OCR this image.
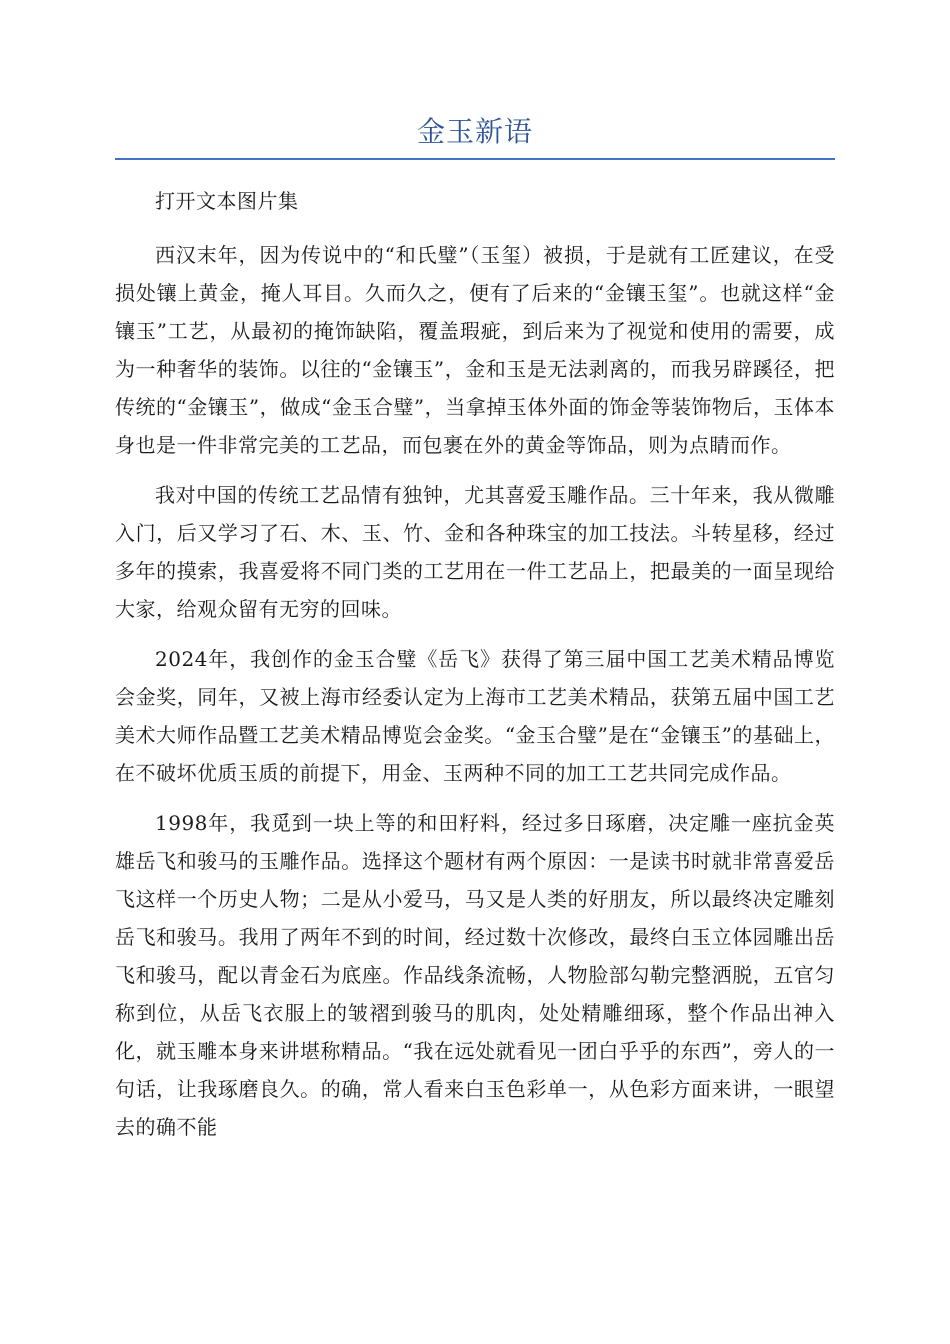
金玉新语

打开文本图片集

西汉末年，因为传说中的“和氏璧”（玉玺）被损，于是就有工匠建议，在受损处镶上黄金，掩人耳目。久而久之，便有了后来的“金镶玉玺”。也就这样“金镶玉”工艺，从最初的掩饰缺陷，覆盖瑕疵，到后来为了视觉和使用的需要，成为一种奢华的装饰。以往的“金镶玉”，金和玉是无法剥离的，而我另辟蹊径，把传统的“金镶玉”，做成“金玉合璧”，当拿掉玉体外面的饰金等装饰物后，玉体本身也是一件非常完美的工艺品，而包裹在外的黄金等饰品，则为点睛而作。

我对中国的传统工艺品情有独钟，尤其喜爱玉雕作品。三十年来，我从微雕入门，后又学习了石、木、玉、竹、金和各种珠宝的加工技法。斗转星移，经过多年的摸索，我喜爱将不同门类的工艺用在一件工艺品上，把最美的一面呈现给大家，给观众留有无穷的回味。

2024年，我创作的金玉合璧《岳飞》获得了第三届中国工艺美术精品博览会金奖，同年，又被上海市经委认定为上海市工艺美术精品，获第五届中国工艺美术大师作品暨工艺美术精品博览会金奖。“金玉合璧”是在“金镶玉”的基础上，在不破坏优质玉质的前提下，用金、玉两种不同的加工工艺共同完成作品。

1998年，我觅到一块上等的和田籽料，经过多日琢磨，决定雕一座抗金英雄岳飞和骏马的玉雕作品。选择这个题材有两个原因：一是读书时就非常喜爱岳飞这样一个历史人物；二是从小爱马，马又是人类的好朋友，所以最终决定雕刻岳飞和骏马。我用了两年不到的时间，经过数十次修改，最终白玉立体园雕出岳飞和骏马，配以青金石为底座。作品线条流畅，人物脸部勾勒完整洒脱，五官匀称到位，从岳飞衣服上的皱褶到骏马的肌肉，处处精雕细琢，整个作品出神入化，就玉雕本身来讲堪称精品。“我在远处就看见一团白乎乎的东西”，旁人的一句话，让我琢磨良久。的确，常人看来白玉色彩单一，从色彩方面来讲，一眼望去的确不能
